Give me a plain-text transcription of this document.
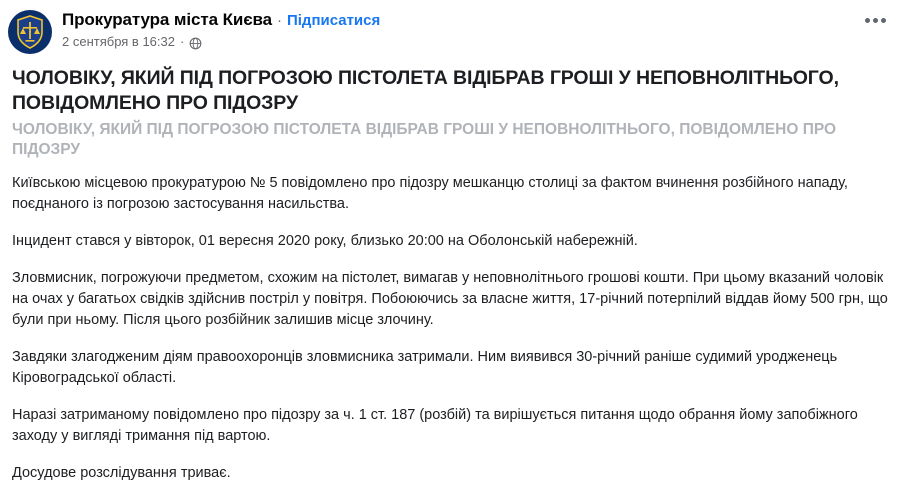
Прокуратура міста Києва · Підписатися
2 сентября в 16:32 ·
ЧОЛОВІКУ, ЯКИЙ ПІД ПОГРОЗОЮ ПІСТОЛЕТА ВІДІБРАВ ГРОШІ У НЕПОВНОЛІТНЬОГО, ПОВІДОМЛЕНО ПРО ПІДОЗРУ
ЧОЛОВІКУ, ЯКИЙ ПІД ПОГРОЗОЮ ПІСТОЛЕТА ВІДІБРАВ ГРОШІ У НЕПОВНОЛІТНЬОГО, ПОВІДОМЛЕНО ПРО ПІДОЗРУ

Київською місцевою прокуратурою № 5 повідомлено про підозру мешканцю столиці за фактом вчинення розбійного нападу, поєднаного із погрозою застосування насильства.

Інцидент стався у вівторок, 01 вересня 2020 року, близько 20:00 на Оболонській набережній.

Зловмисник, погрожуючи предметом, схожим на пістолет, вимагав у неповнолітнього грошові кошти. При цьому вказаний чоловік на очах у багатьох свідків здійснив постріл у повітря. Побоюючись за власне життя, 17-річний потерпілий віддав йому 500 грн, що були при ньому. Після цього розбійник залишив місце злочину.

Завдяки злагодженим діям правоохоронців зловмисника затримали. Ним виявився 30-річний раніше судимий уродженець Кіровоградської області.

Наразі затриманому повідомлено про підозру за ч. 1 ст. 187 (розбій) та вирішується питання щодо обрання йому запобіжного заходу у вигляді тримання під вартою.

Досудове розслідування триває.
